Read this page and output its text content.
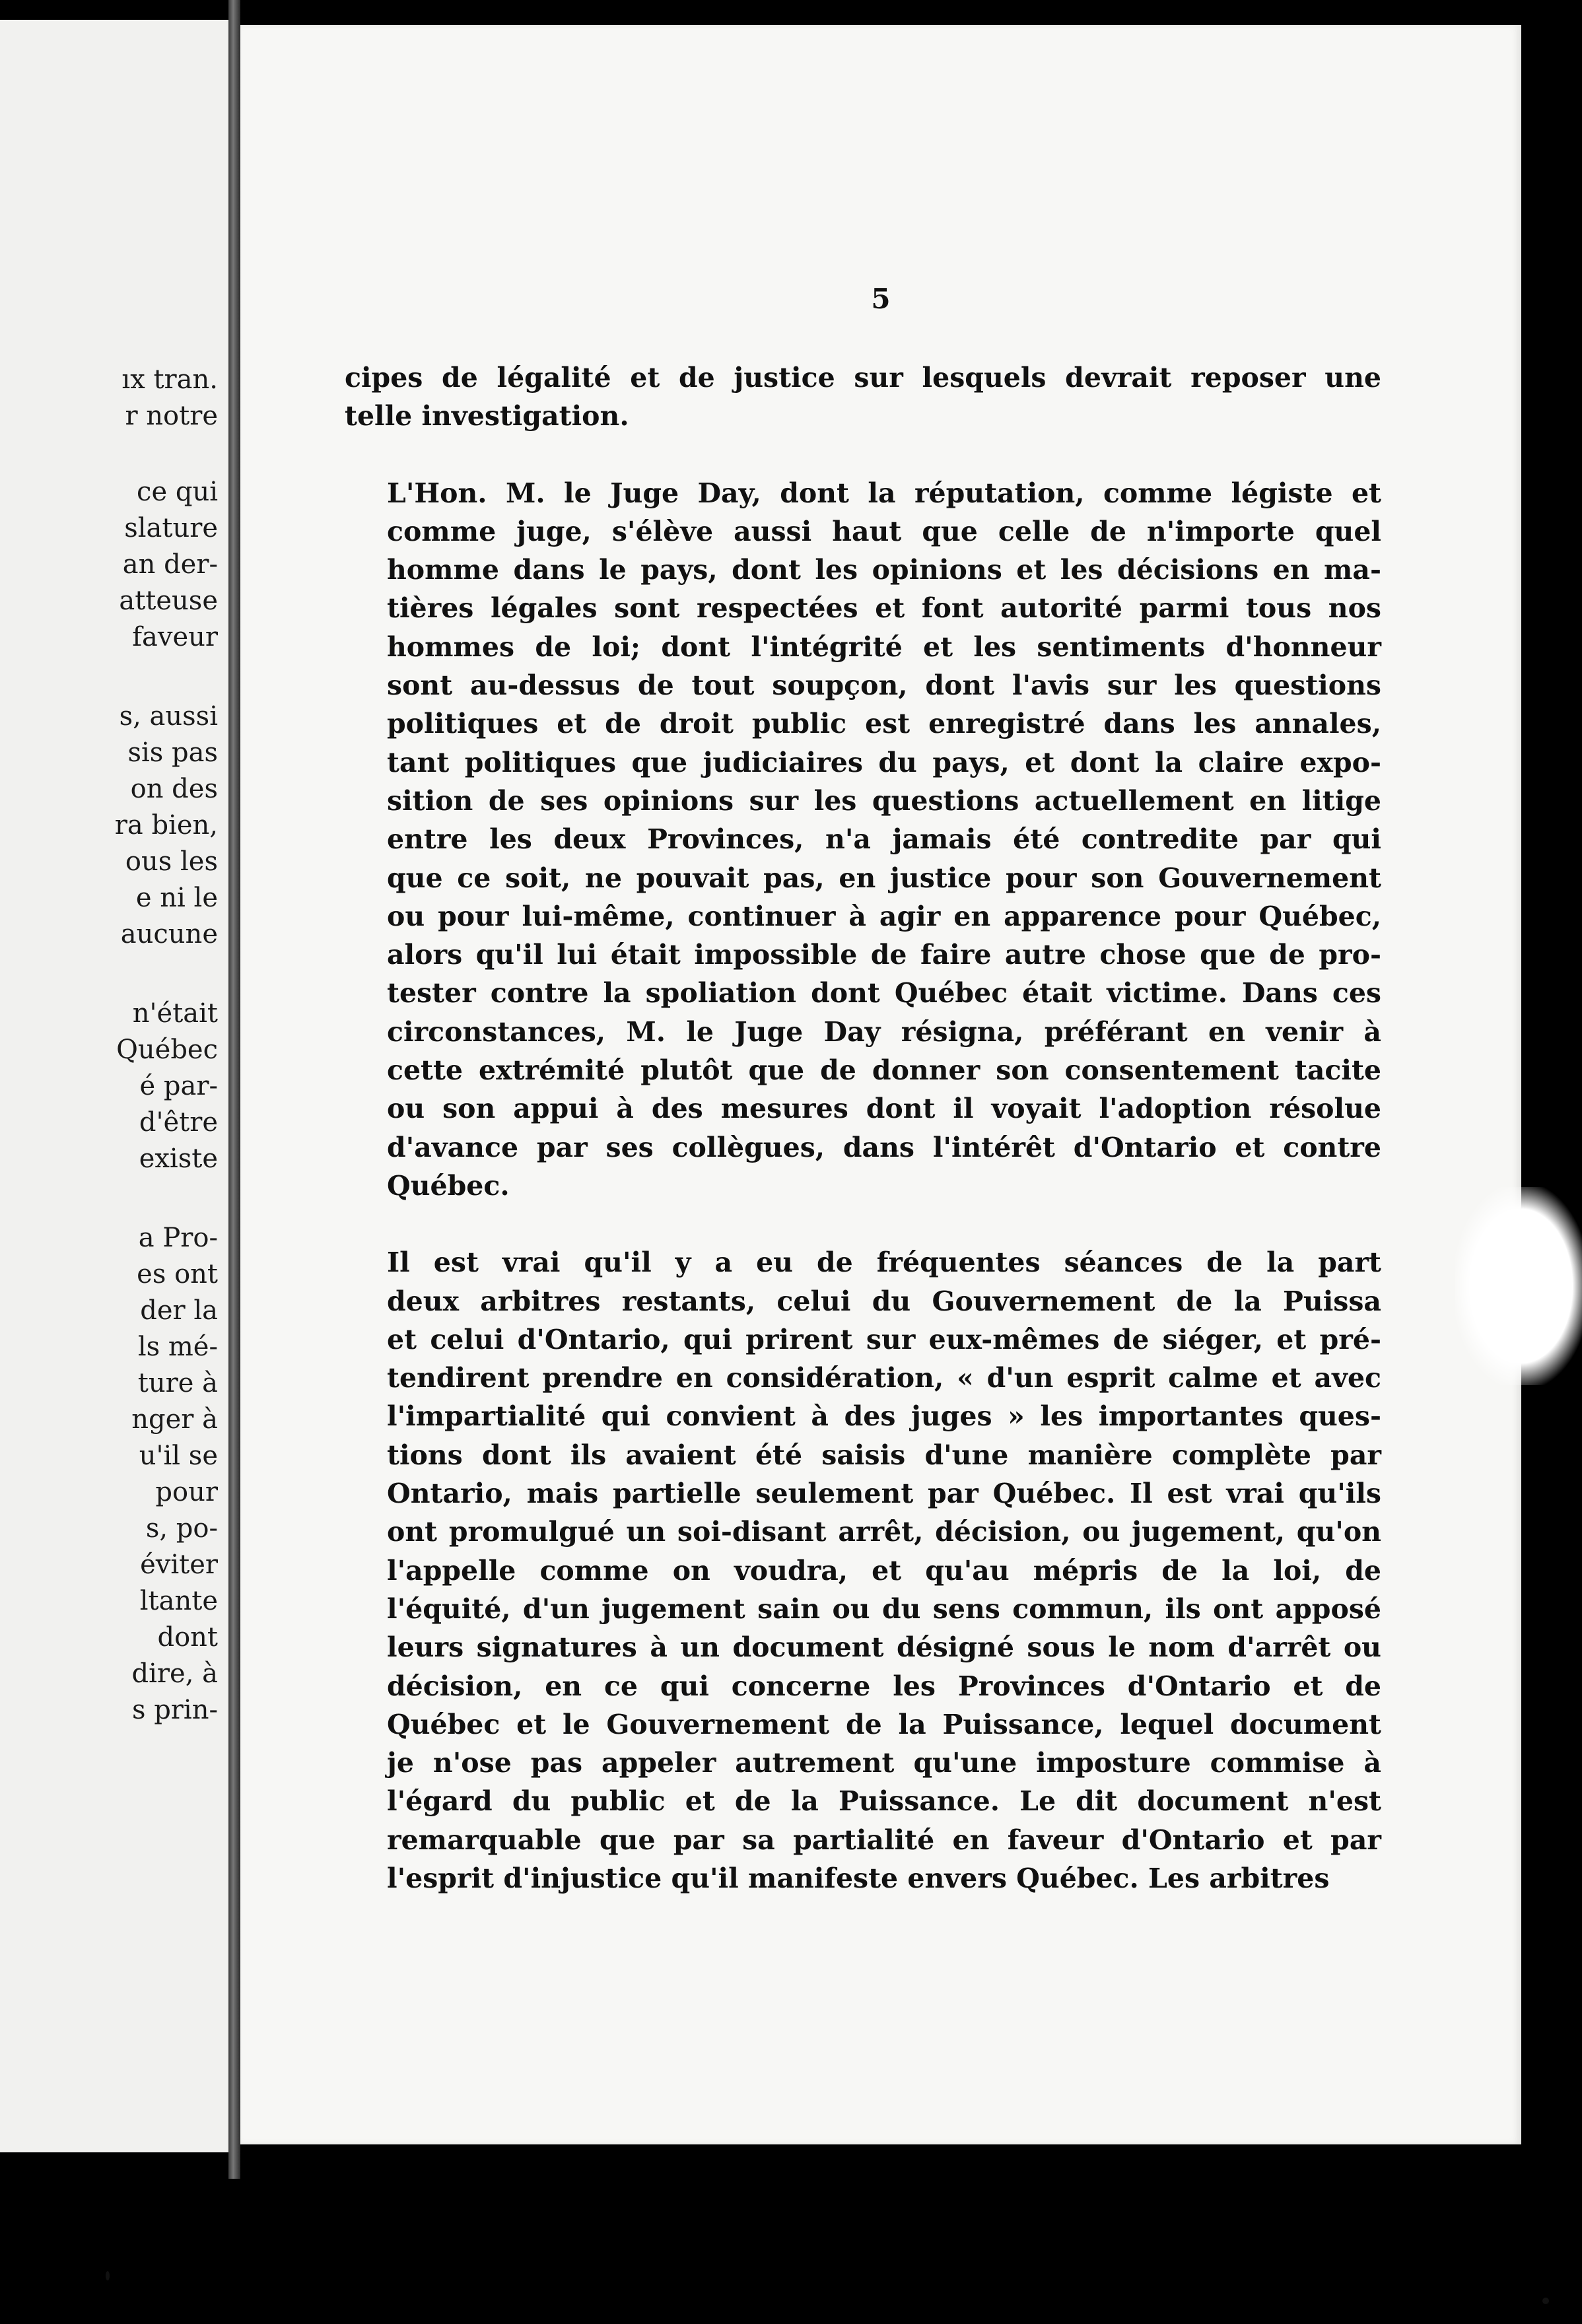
ıx tran.
r notre
ce qui
slature
an der-
atteuse
faveur
s, aussi
sis pas
on des
ra bien,
ous les
e ni le
aucune
n'était
Québec
é par-
d'être
existe
a Pro-
es ont
der la
ls mé-
ture à
nger à
u'il se
pour
s, po-
éviter
ltante
dont
dire, à
s prin-
5

cipes de légalité et de justice sur lesquels devrait reposer une
telle investigation.

L'Hon. M. le Juge Day, dont la réputation, comme légiste et
comme juge, s'élève aussi haut que celle de n'importe quel
homme dans le pays, dont les opinions et les décisions en ma-
tières légales sont respectées et font autorité parmi tous nos
hommes de loi; dont l'intégrité et les sentiments d'honneur
sont au-dessus de tout soupçon, dont l'avis sur les questions
politiques et de droit public est enregistré dans les annales,
tant politiques que judiciaires du pays, et dont la claire expo-
sition de ses opinions sur les questions actuellement en litige
entre les deux Provinces, n'a jamais été contredite par qui
que ce soit, ne pouvait pas, en justice pour son Gouvernement
ou pour lui-même, continuer à agir en apparence pour Québec,
alors qu'il lui était impossible de faire autre chose que de pro-
tester contre la spoliation dont Québec était victime. Dans ces
circonstances, M. le Juge Day résigna, préférant en venir à
cette extrémité plutôt que de donner son consentement tacite
ou son appui à des mesures dont il voyait l'adoption résolue
d'avance par ses collègues, dans l'intérêt d'Ontario et contre
Québec.

Il est vrai qu'il y a eu de fréquentes séances de la part
deux arbitres restants, celui du Gouvernement de la Puissa
et celui d'Ontario, qui prirent sur eux-mêmes de siéger, et pré-
tendirent prendre en considération, « d'un esprit calme et avec
l'impartialité qui convient à des juges » les importantes ques-
tions dont ils avaient été saisis d'une manière complète par
Ontario, mais partielle seulement par Québec. Il est vrai qu'ils
ont promulgué un soi-disant arrêt, décision, ou jugement, qu'on
l'appelle comme on voudra, et qu'au mépris de la loi, de
l'équité, d'un jugement sain ou du sens commun, ils ont apposé
leurs signatures à un document désigné sous le nom d'arrêt ou
décision, en ce qui concerne les Provinces d'Ontario et de
Québec et le Gouvernement de la Puissance, lequel document
je n'ose pas appeler autrement qu'une imposture commise à
l'égard du public et de la Puissance. Le dit document n'est
remarquable que par sa partialité en faveur d'Ontario et par
l'esprit d'injustice qu'il manifeste envers Québec. Les arbitres
